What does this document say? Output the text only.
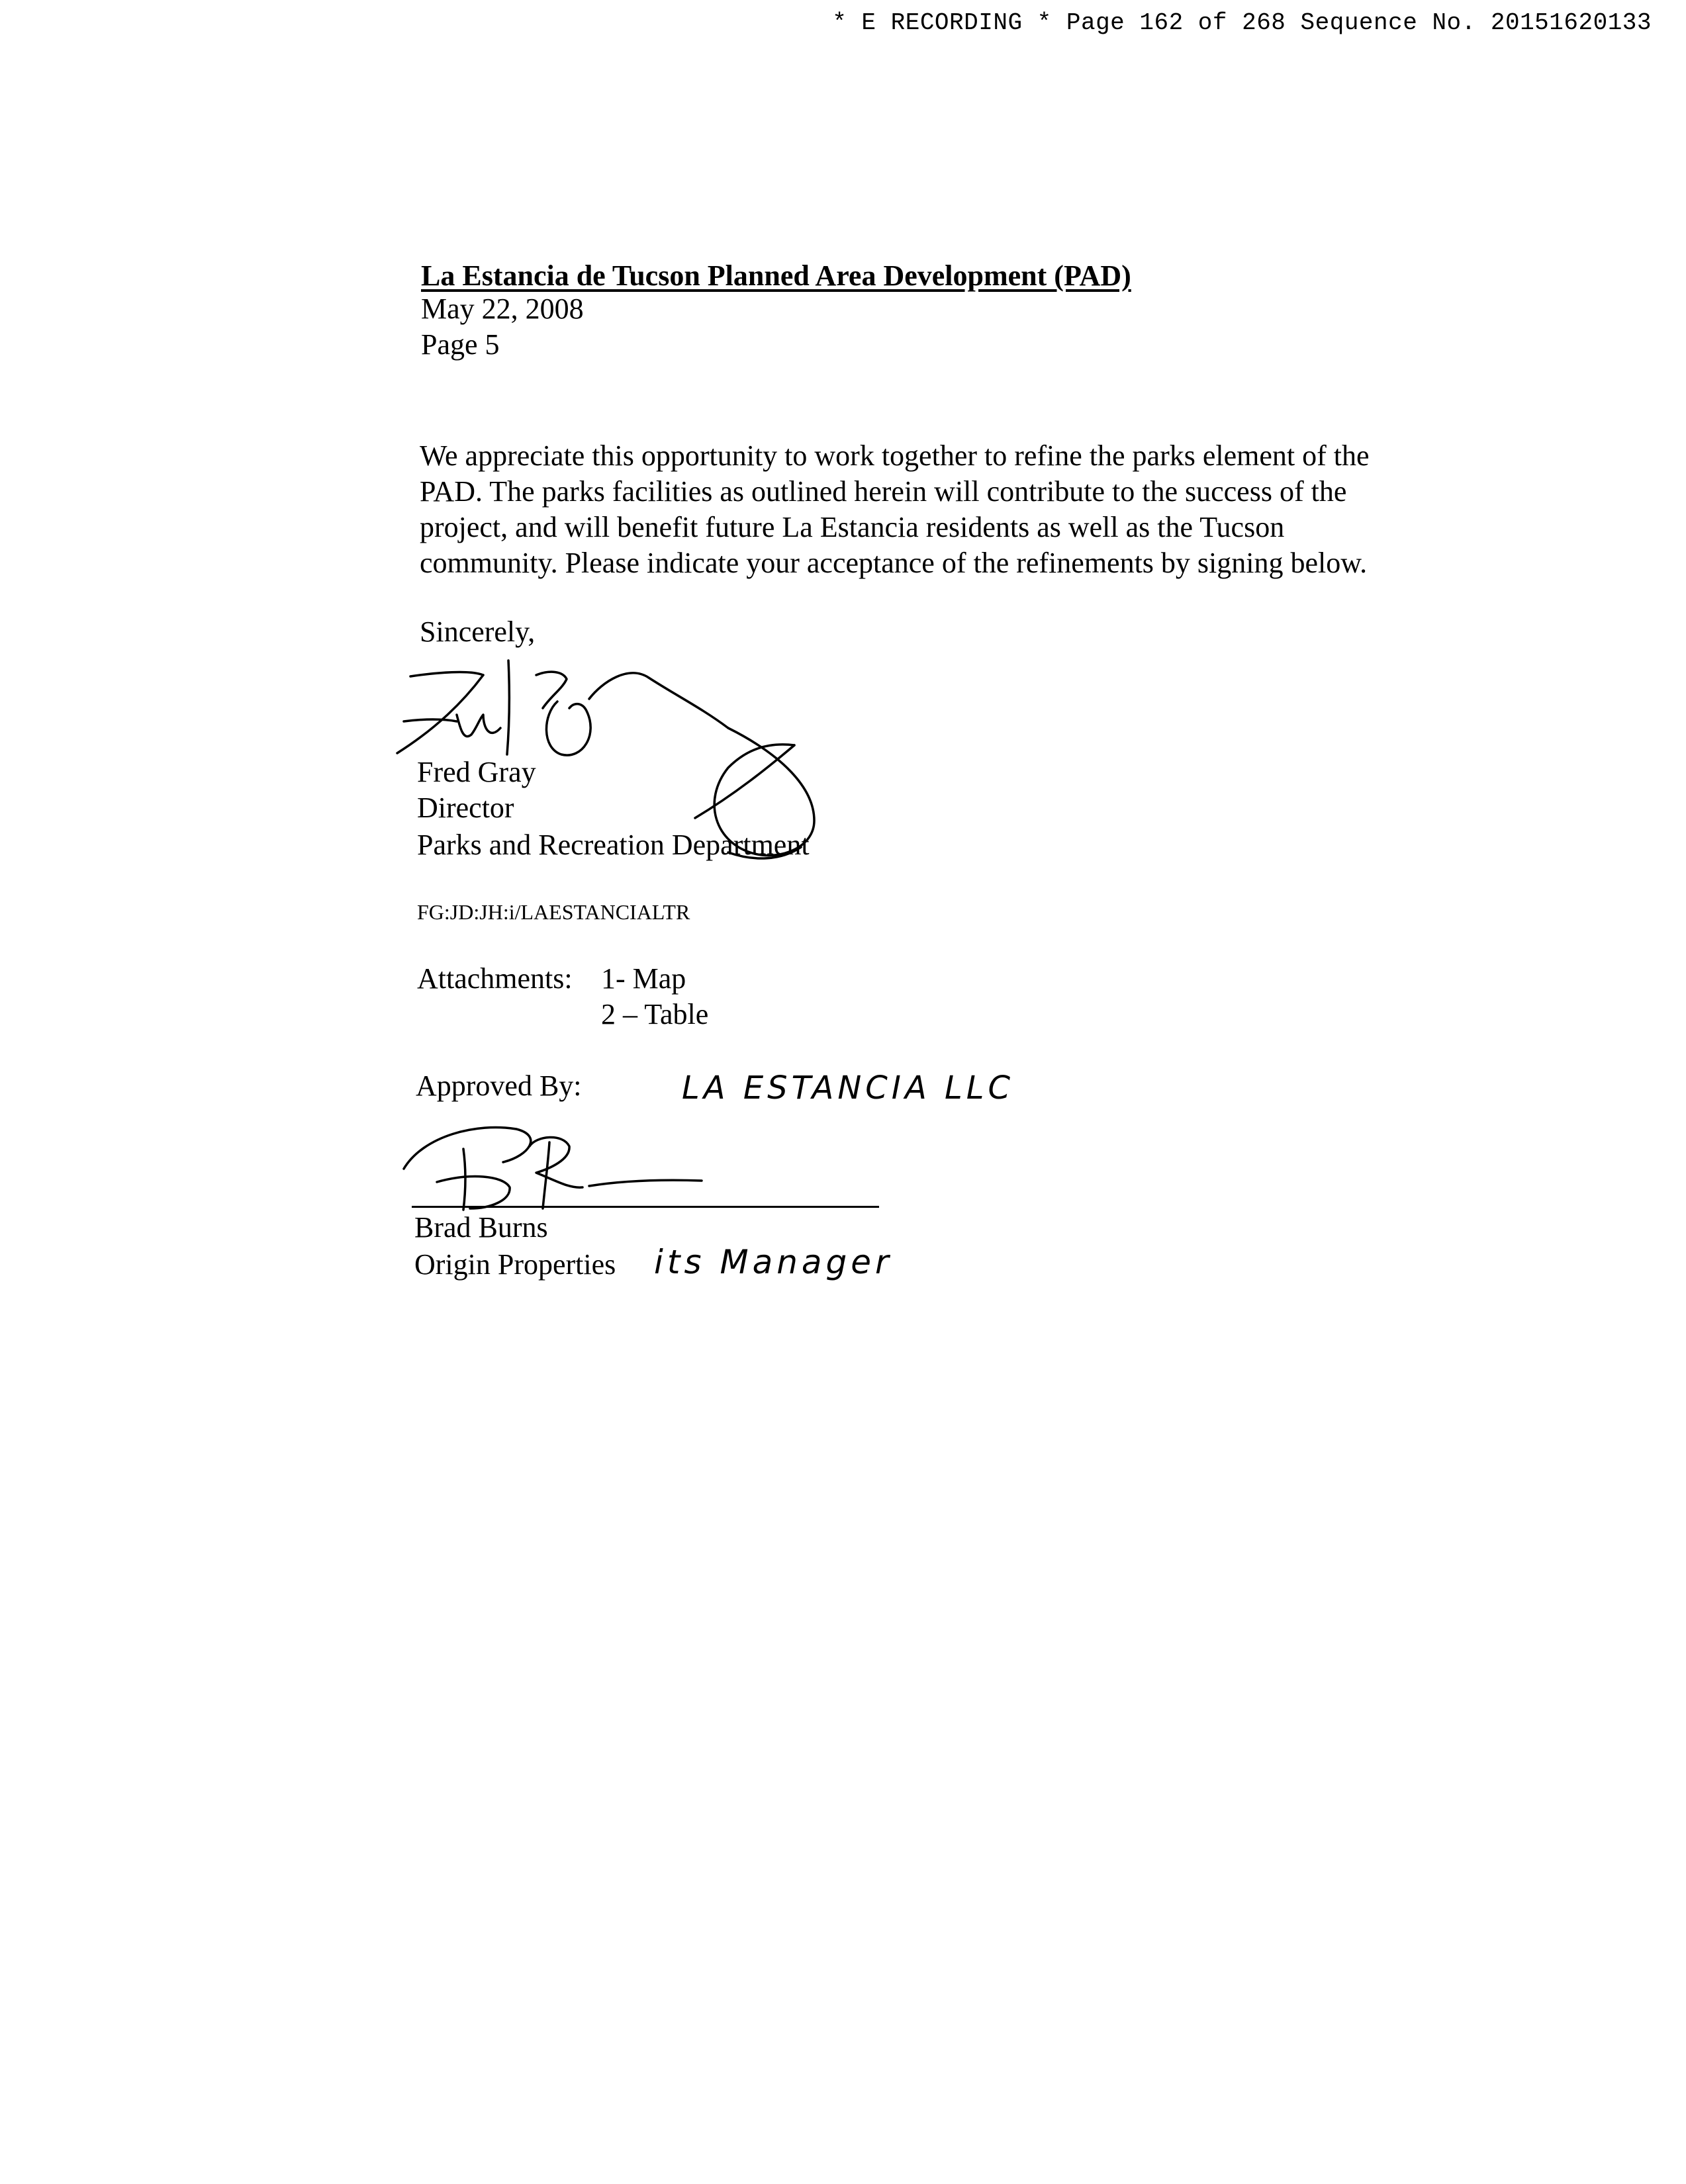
* E RECORDING * Page 162 of 268 Sequence No. 20151620133
La Estancia de Tucson Planned Area Development (PAD)
May 22, 2008
Page 5

We appreciate this opportunity to work together to refine the parks element of the

PAD. The parks facilities as outlined herein will contribute to the success of the

project, and will benefit future La Estancia residents as well as the Tucson

community. Please indicate your acceptance of the refinements by signing below.

Sincerely,
Fred Gray
Director
Parks and Recreation Department
FG:JD:JH:i/LAESTANCIALTR
Attachments: 1- Map
2 – Table
Approved By:	LA ESTANCIA LLC
Brad Burns
Origin Properties its Manager
